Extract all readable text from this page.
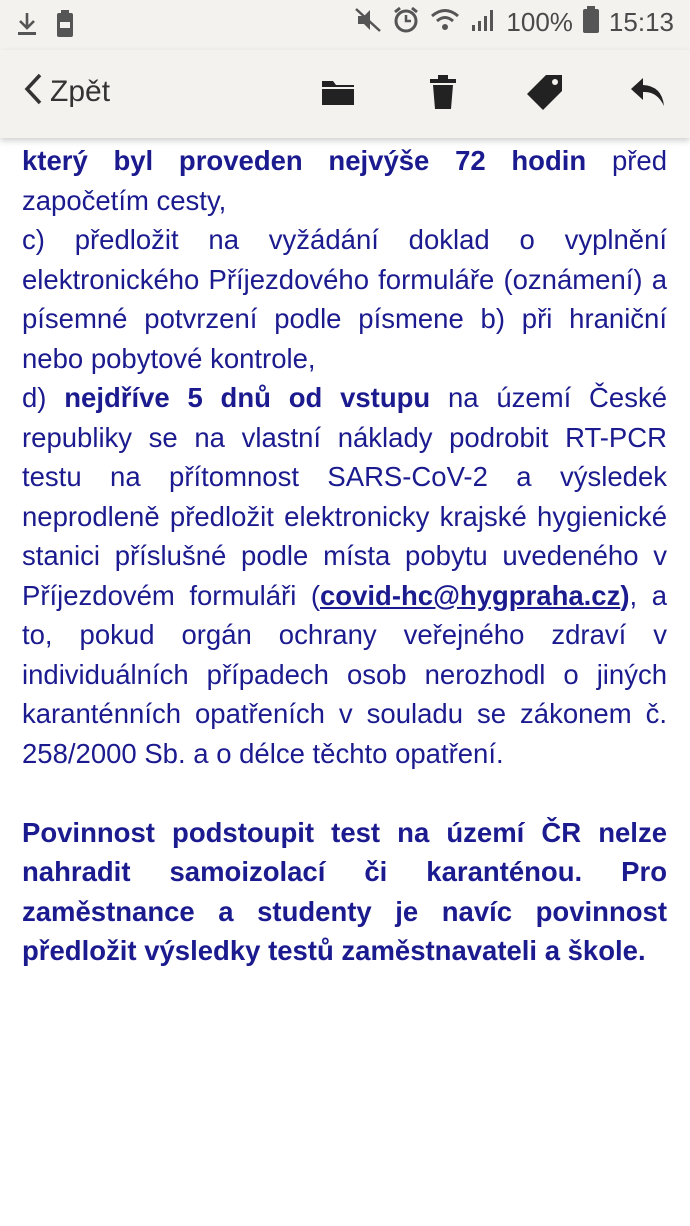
100% 15:13
Zpět

který byl proveden nejvýše 72 hodin před započetím cesty,

c) předložit na vyžádání doklad o vyplnění elektronického Příjezdového formuláře (oznámení) a písemné potvrzení podle písmene b) při hraniční nebo pobytové kontrole,

d) nejdříve 5 dnů od vstupu na území České republiky se na vlastní náklady podrobit RT-PCR testu na přítomnost SARS-CoV-2 a výsledek neprodleně předložit elektronicky krajské hygienické stanici příslušné podle místa pobytu uvedeného v Příjezdovém formuláři (covid-hc@hygpraha.cz), a to, pokud orgán ochrany veřejného zdraví v individuálních případech osob nerozhodl o jiných karanténních opatřeních v souladu se zákonem č. 258/2000 Sb. a o délce těchto opatření.

Povinnost podstoupit test na území ČR nelze nahradit samoizolací či karanténou. Pro zaměstnance a studenty je navíc povinnost předložit výsledky testů zaměstnavateli a škole.
